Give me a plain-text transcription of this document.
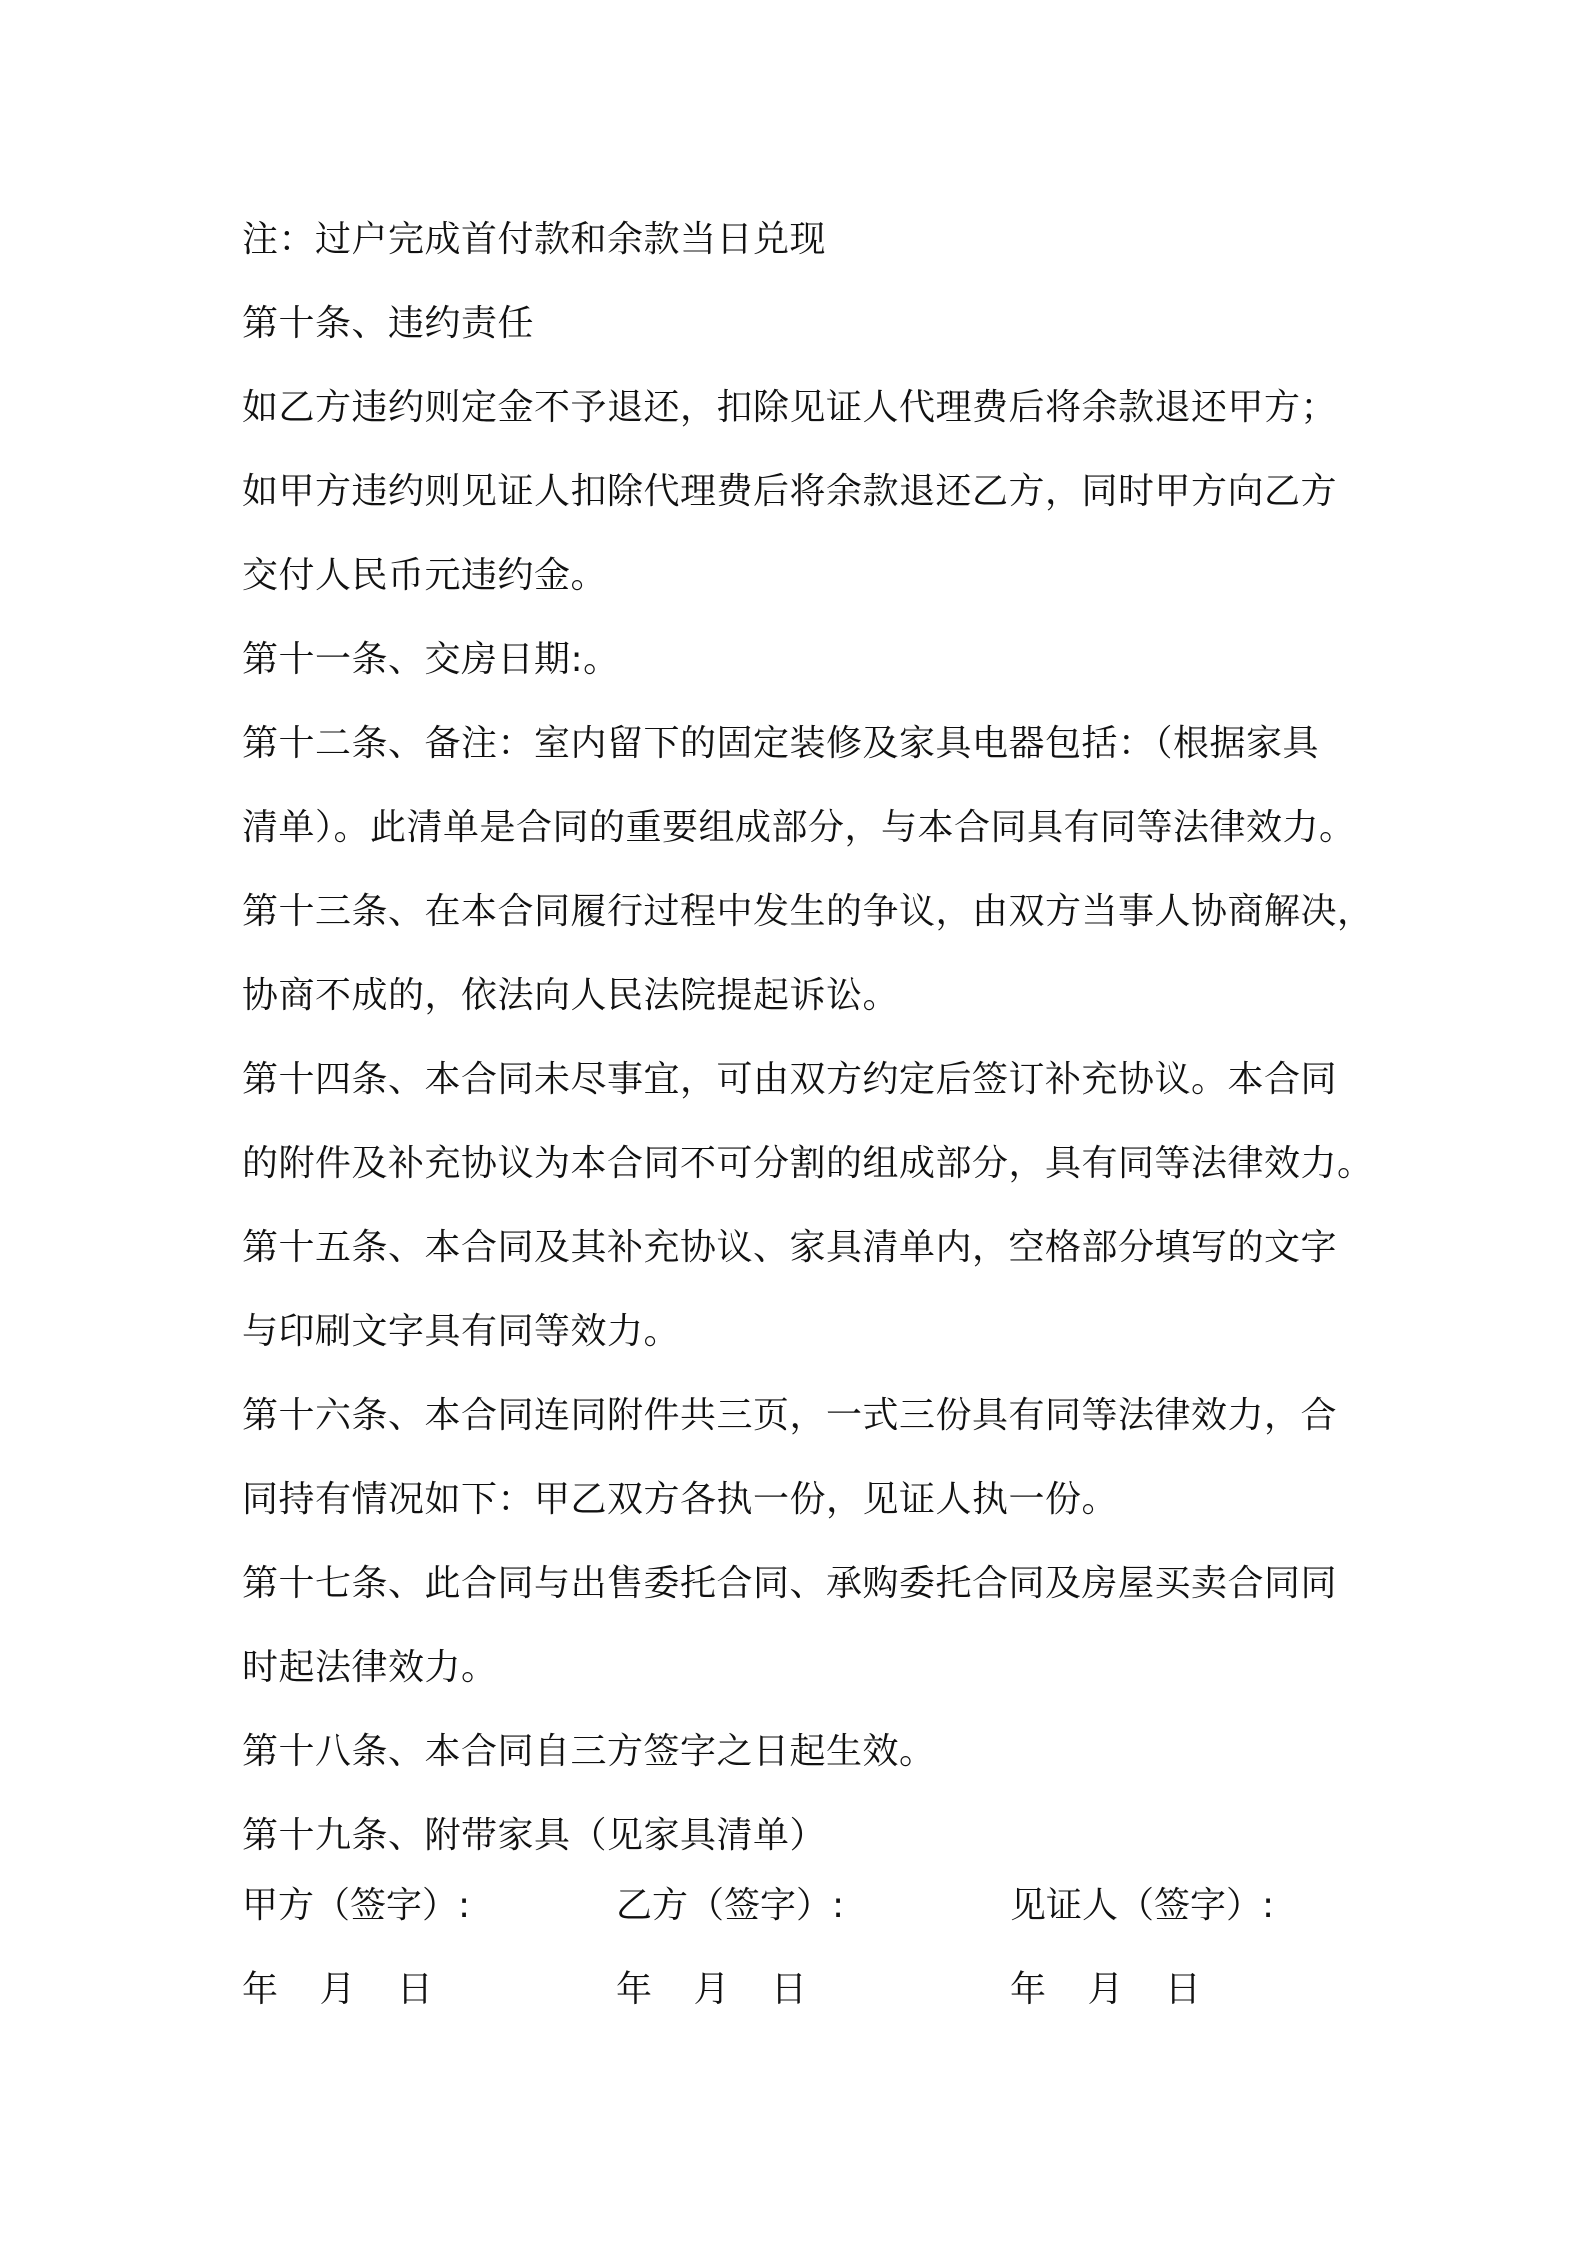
注：过户完成首付款和余款当日兑现
第十条、违约责任
如乙方违约则定金不予退还，扣除见证人代理费后将余款退还甲方；
如甲方违约则见证人扣除代理费后将余款退还乙方，同时甲方向乙方
交付人民币元违约金。
第十一条、交房日期:。
第十二条、备注：室内留下的固定装修及家具电器包括：（根据家具
清单）。此清单是合同的重要组成部分，与本合同具有同等法律效力。
第十三条、在本合同履行过程中发生的争议，由双方当事人协商解决，
协商不成的，依法向人民法院提起诉讼。
第十四条、本合同未尽事宜，可由双方约定后签订补充协议。本合同
的附件及补充协议为本合同不可分割的组成部分，具有同等法律效力。
第十五条、本合同及其补充协议、家具清单内，空格部分填写的文字
与印刷文字具有同等效力。
第十六条、本合同连同附件共三页，一式三份具有同等法律效力，合
同持有情况如下：甲乙双方各执一份，见证人执一份。
第十七条、此合同与出售委托合同、承购委托合同及房屋买卖合同同
时起法律效力。
第十八条、本合同自三方签字之日起生效。
第十九条、附带家具（见家具清单）
甲方（签字）:	乙方（签字）:	见证人（签字）:
年 月 日	年 月 日	年 月 日
